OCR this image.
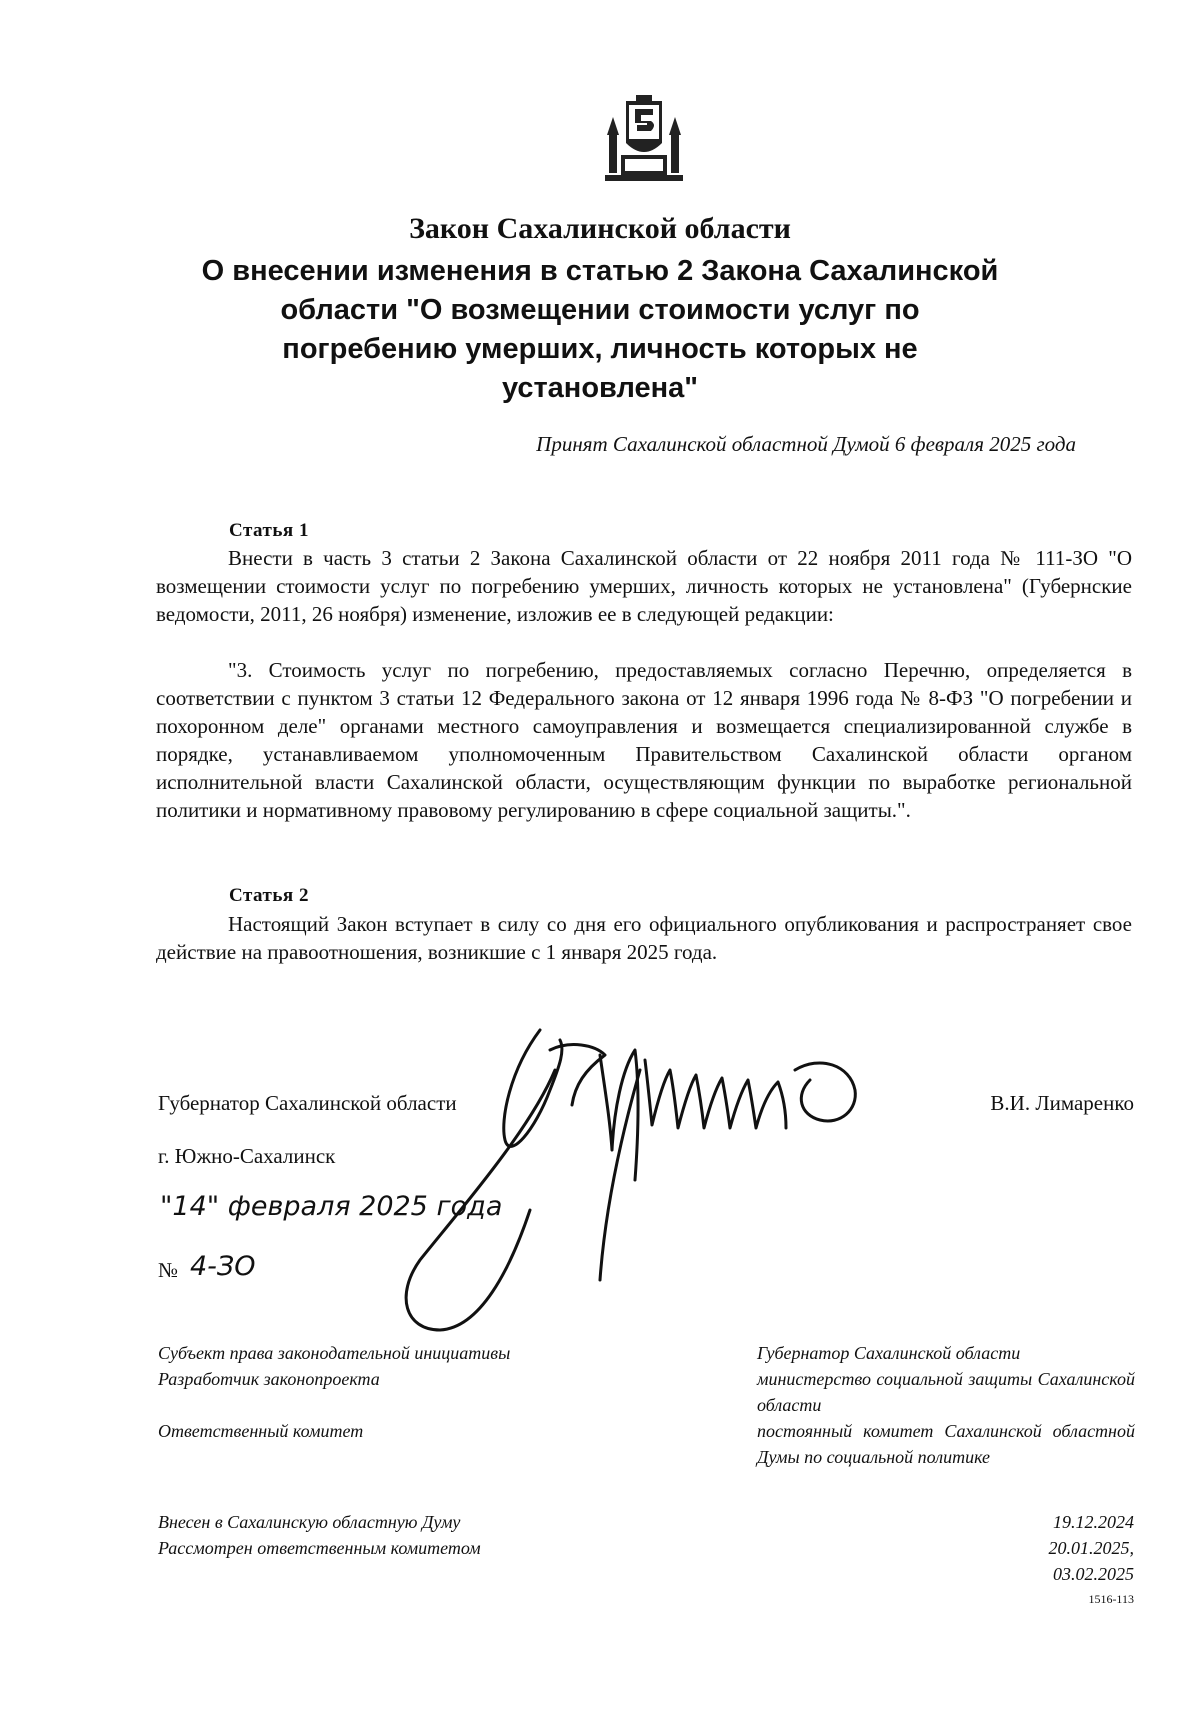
Закон Сахалинской области
О внесении изменения в статью 2 Закона Сахалинской области "О возмещении стоимости услуг по погребению умерших, личность которых не установлена"
Принят Сахалинской областной Думой 6 февраля 2025 года
Статья 1

Внести в часть 3 статьи 2 Закона Сахалинской области от 22 ноября 2011 года № 111-ЗО "О возмещении стоимости услуг по погребению умерших, личность которых не установлена" (Губернские ведомости, 2011, 26 ноября) изменение, изложив ее в следующей редакции:

"3. Стоимость услуг по погребению, предоставляемых согласно Перечню, определяется в соответствии с пунктом 3 статьи 12 Федерального закона от 12 января 1996 года № 8-ФЗ "О погребении и похоронном деле" органами местного самоуправления и возмещается специализированной службе в порядке, устанавливаемом уполномоченным Правительством Сахалинской области органом исполнительной власти Сахалинской области, осуществляющим функции по выработке региональной политики и нормативному правовому регулированию в сфере социальной защиты.".

Статья 2

Настоящий Закон вступает в силу со дня его официального опубликования и распространяет свое действие на правоотношения, возникшие с 1 января 2025 года.

Губернатор Сахалинской области	В.И. Лимаренко
г. Южно-Сахалинск
"14" февраля 2025 года
№ 4-ЗО
Субъект права законодательной инициативы
Разработчик законопроекта
Ответственный комитет
Внесен в Сахалинскую областную Думу
Рассмотрен ответственным комитетом
Губернатор Сахалинской области
министерство социальной защиты Сахалинской области
постоянный комитет Сахалинской областной Думы по социальной политике
19.12.2024
20.01.2025,
03.02.2025
1516-113
